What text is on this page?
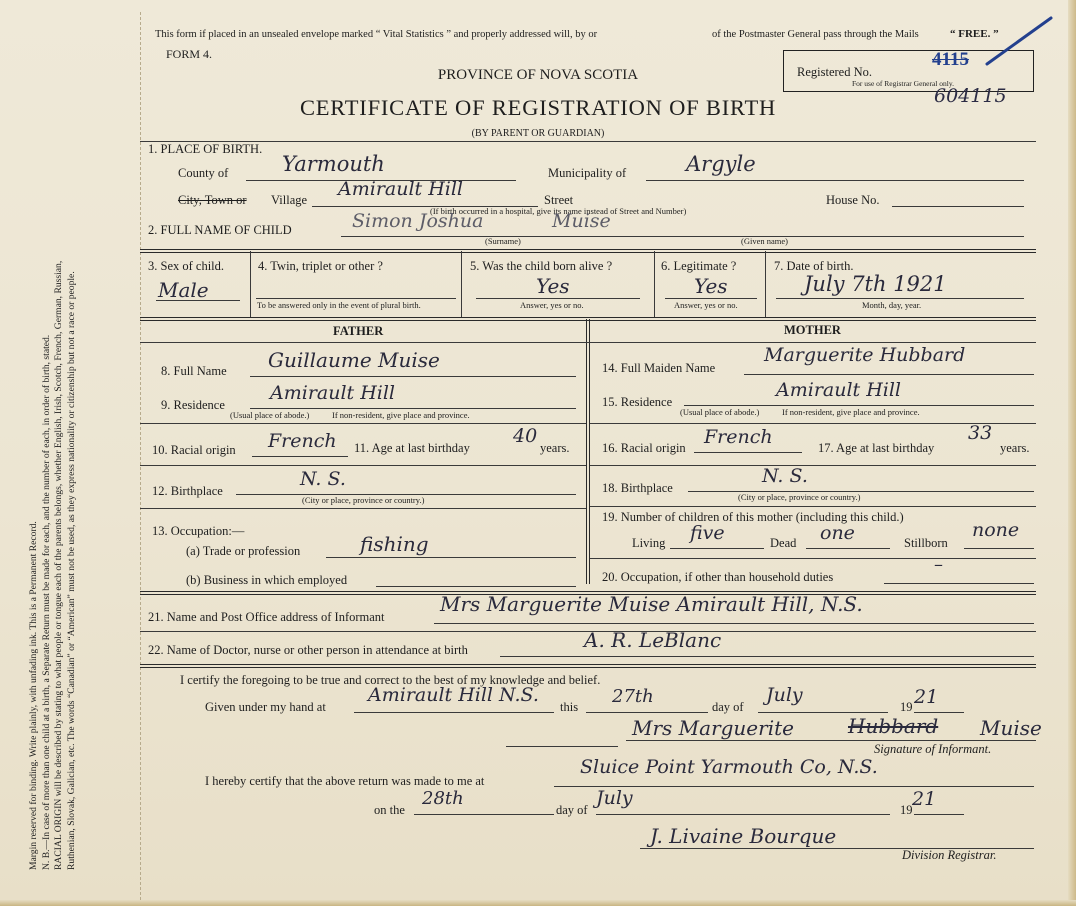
Margin reserved for binding. Write plainly, with unfading ink. This is a Permanent Record. N. B.—In case of more than one child at a birth, a Separate Return must be made for each, and the number of each, in order of birth, stated. RACIAL ORIGIN will be described by stating to what people or tongue each of the parents belongs, whether English, Irish, Scotch, French, German, Russian, Ruthenian, Slovak, Galician, etc. The words “Canadian” or “American” must not be used, as they express nationality or citizenship but not a race or people.
This form if placed in an unsealed envelope marked “ Vital Statistics ” and properly addressed will, by or	of the Postmaster General pass through the Mails	“ FREE. ”
FORM 4.
PROVINCE OF NOVA SCOTIA
CERTIFICATE OF REGISTRATION OF BIRTH
(BY PARENT OR GUARDIAN)
Registered No.
For use of Registrar General only.
4115
604115
1. PLACE OF BIRTH.
County of	Yarmouth	Municipality of	Argyle
City, Town or Village Amirault Hill	Street	House No.
(If birth occurred in a hospital, give its name instead of Street and Number)
2. FULL NAME OF CHILD	Muise
Simon Joshua
(Surname)	(Given name)
3. Sex of child.
Male
4. Twin, triplet or other ?
To be answered only in the event of plural birth.
5. Was the child born alive ?
Yes
Answer, yes or no.
6. Legitimate ?
Yes
Answer, yes or no.
7. Date of birth.
July 7th 1921
Month, day, year.
FATHER	MOTHER
8. Full Name Guillaume Muise
9. Residence
Amirault Hill
(Usual place of abode.)	If non-resident, give place and province.
10. Racial origin French 11. Age at last birthday
40
years.
12. Birthplace
N. S.
(City or place, province or country.)
13. Occupation:—
(a) Trade or profession	fishing
(b) Business in which employed
14. Full Maiden Name
Marguerite Hubbard
15. Residence
Amirault Hill
(Usual place of abode.)	If non-resident, give place and province.
16. Racial origin French	17. Age at last birthday
33
years.
18. Birthplace
N. S.
(City or place, province or country.)
19. Number of children of this mother (including this child.)
Living five	Dead one	Stillborn
none
20. Occupation, if other than household duties
–
21. Name and Post Office address of Informant
Mrs Marguerite Muise Amirault Hill, N.S.
22. Name of Doctor, nurse or other person in attendance at birth	A. R. LeBlanc
I certify the foregoing to be true and correct to the best of my knowledge and belief.
Given under my hand at
Amirault Hill N.S.
this 27th	day of
July
19 21
Mrs Marguerite	Hubbard Muise
Signature of Informant.
I hereby certify that the above return was made to me at
Sluice Point Yarmouth Co, N.S.
on the
28th
day of
July
19 21
J. Livaine Bourque
Division Registrar.
